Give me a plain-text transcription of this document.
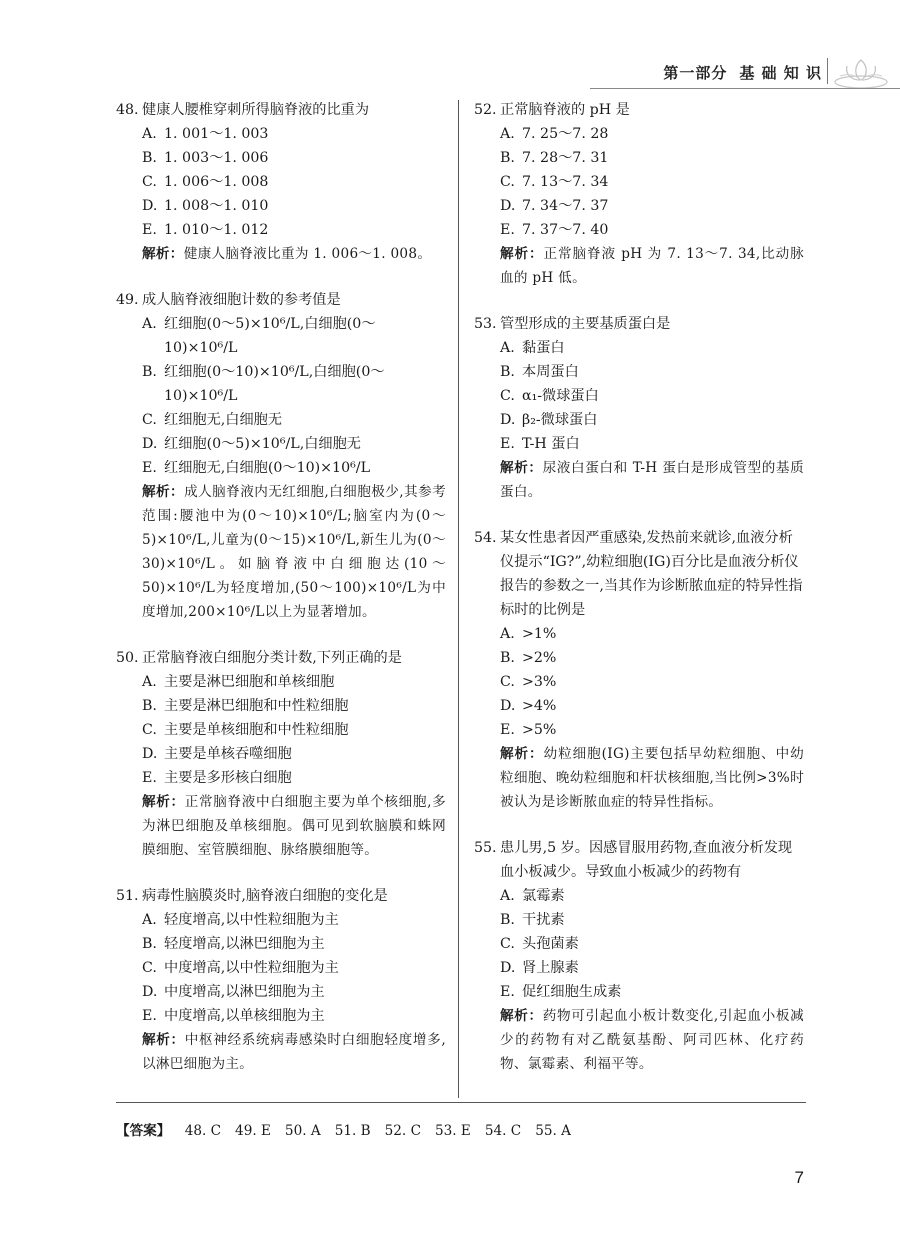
第一部分 基 础 知 识
48. 健康人腰椎穿刺所得脑脊液的比重为
A. 1. 001～1. 003
B. 1. 003～1. 006
C. 1. 006～1. 008
D. 1. 008～1. 010
E. 1. 010～1. 012
解析：健康人脑脊液比重为 1. 006～1. 008。
49. 成人脑脊液细胞计数的参考值是
A. 红细胞(0～5)×10⁶/L,白细胞(0～10)×10⁶/L
B. 红细胞(0～10)×10⁶/L,白细胞(0～10)×10⁶/L
C. 红细胞无,白细胞无
D. 红细胞(0～5)×10⁶/L,白细胞无
E. 红细胞无,白细胞(0～10)×10⁶/L
解析：成人脑脊液内无红细胞,白细胞极少,其参考范围:腰池中为(0～10)×10⁶/L;脑室内为(0～5)×10⁶/L,儿童为(0～15)×10⁶/L,新生儿为(0～30)×10⁶/L。如脑脊液中白细胞达(10～50)×10⁶/L为轻度增加,(50～100)×10⁶/L为中度增加,200×10⁶/L以上为显著增加。
50. 正常脑脊液白细胞分类计数,下列正确的是
A. 主要是淋巴细胞和单核细胞
B. 主要是淋巴细胞和中性粒细胞
C. 主要是单核细胞和中性粒细胞
D. 主要是单核吞噬细胞
E. 主要是多形核白细胞
解析：正常脑脊液中白细胞主要为单个核细胞,多为淋巴细胞及单核细胞。偶可见到软脑膜和蛛网膜细胞、室管膜细胞、脉络膜细胞等。
51. 病毒性脑膜炎时,脑脊液白细胞的变化是
A. 轻度增高,以中性粒细胞为主
B. 轻度增高,以淋巴细胞为主
C. 中度增高,以中性粒细胞为主
D. 中度增高,以淋巴细胞为主
E. 中度增高,以单核细胞为主
解析：中枢神经系统病毒感染时白细胞轻度增多,以淋巴细胞为主。
52. 正常脑脊液的 pH 是
A. 7. 25～7. 28
B. 7. 28～7. 31
C. 7. 13～7. 34
D. 7. 34～7. 37
E. 7. 37～7. 40
解析：正常脑脊液 pH 为 7. 13～7. 34,比动脉血的 pH 低。
53. 管型形成的主要基质蛋白是
A. 黏蛋白
B. 本周蛋白
C. α₁-微球蛋白
D. β₂-微球蛋白
E. T-H 蛋白
解析：尿液白蛋白和 T-H 蛋白是形成管型的基质蛋白。
54. 某女性患者因严重感染,发热前来就诊,血液分析仪提示“IG?”,幼粒细胞(IG)百分比是血液分析仪报告的参数之一,当其作为诊断脓血症的特异性指标时的比例是
A. >1%
B. >2%
C. >3%
D. >4%
E. >5%
解析：幼粒细胞(IG)主要包括早幼粒细胞、中幼粒细胞、晚幼粒细胞和杆状核细胞,当比例>3%时被认为是诊断脓血症的特异性指标。
55. 患儿男,5 岁。因感冒服用药物,查血液分析发现血小板减少。导致血小板减少的药物有
A. 氯霉素
B. 干扰素
C. 头孢菌素
D. 肾上腺素
E. 促红细胞生成素
解析：药物可引起血小板计数变化,引起血小板减少的药物有对乙酰氨基酚、阿司匹林、化疗药物、氯霉素、利福平等。
【答案】 48. C 49. E 50. A 51. B 52. C 53. E 54. C 55. A
7
